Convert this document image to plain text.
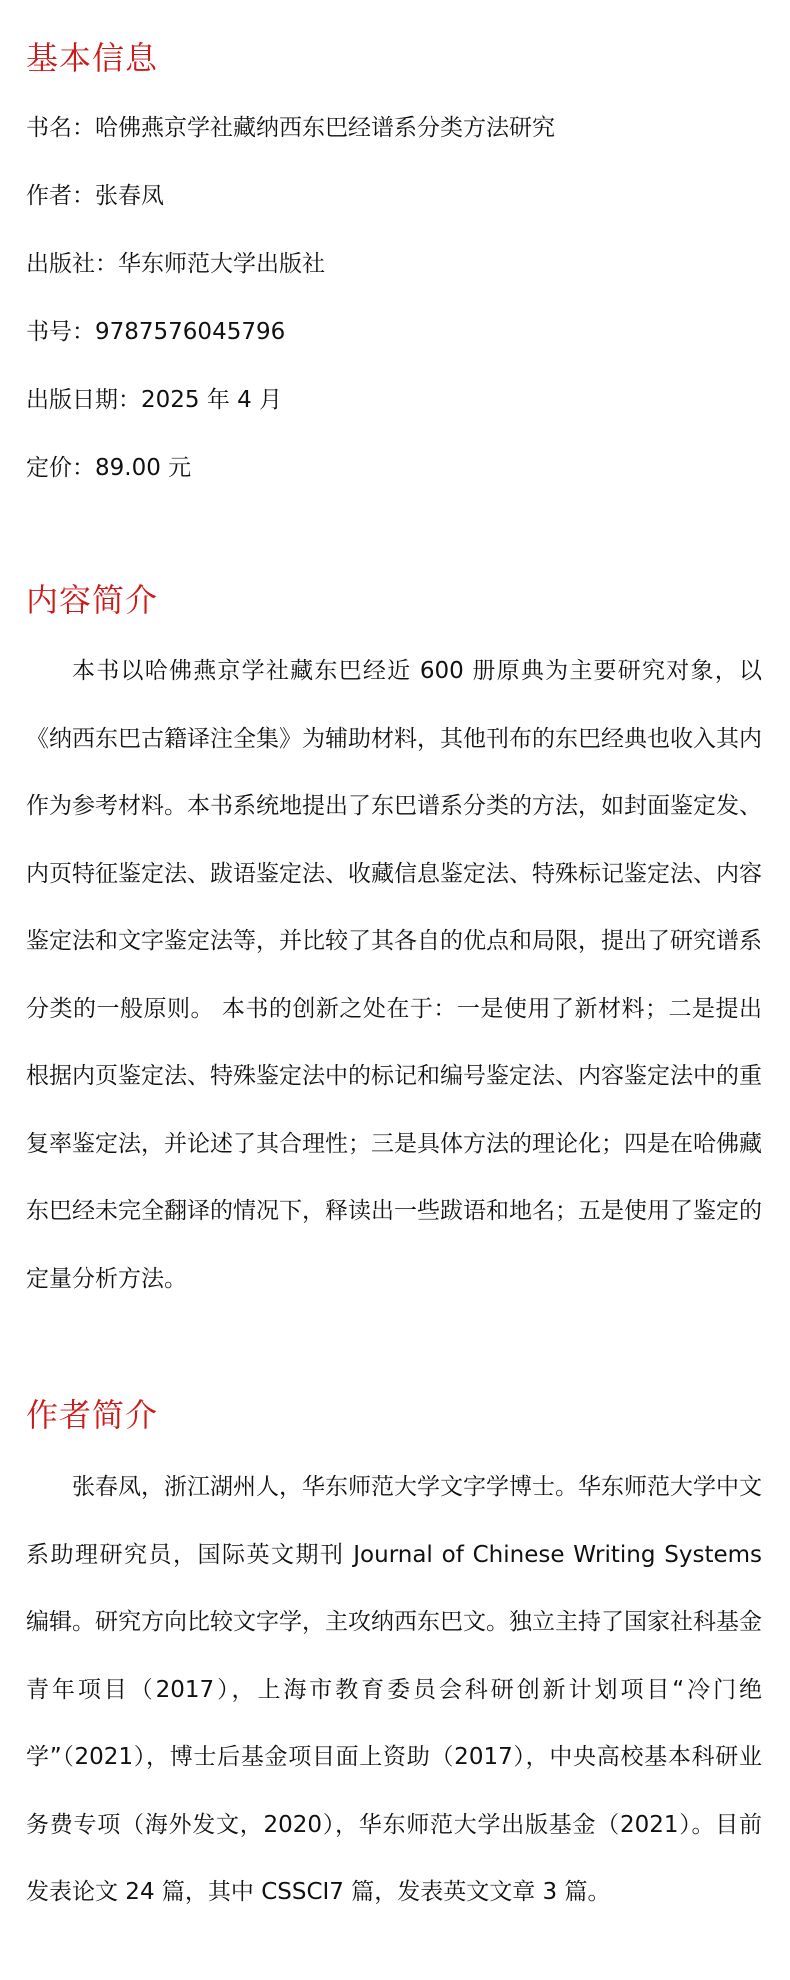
基本信息

书名：哈佛燕京学社藏纳西东巴经谱系分类方法研究

作者：张春凤

出版社：华东师范大学出版社

书号：9787576045796

出版日期：2025 年 4 月

定价：89.00 元

内容简介

本书以哈佛燕京学社藏东巴经近 600 册原典为主要研究对象，以《纳西东巴古籍译注全集》为辅助材料，其他刊布的东巴经典也收入其内作为参考材料。本书系统地提出了东巴谱系分类的方法，如封面鉴定发、内页特征鉴定法、跋语鉴定法、收藏信息鉴定法、特殊标记鉴定法、内容鉴定法和文字鉴定法等，并比较了其各自的优点和局限，提出了研究谱系分类的一般原则。 本书的创新之处在于：一是使用了新材料；二是提出根据内页鉴定法、特殊鉴定法中的标记和编号鉴定法、内容鉴定法中的重复率鉴定法，并论述了其合理性；三是具体方法的理论化；四是在哈佛藏东巴经未完全翻译的情况下，释读出一些跋语和地名；五是使用了鉴定的定量分析方法。

作者简介

张春凤，浙江湖州人，华东师范大学文字学博士。华东师范大学中文系助理研究员，国际英文期刊 Journal of Chinese Writing Systems 编辑。研究方向比较文字学，主攻纳西东巴文。独立主持了国家社科基金青年项目（2017），上海市教育委员会科研创新计划项目“冷门绝学”（2021），博士后基金项目面上资助（2017），中央高校基本科研业务费专项（海外发文，2020），华东师范大学出版基金（2021）。目前发表论文 24 篇，其中 CSSCI7 篇，发表英文文章 3 篇。
